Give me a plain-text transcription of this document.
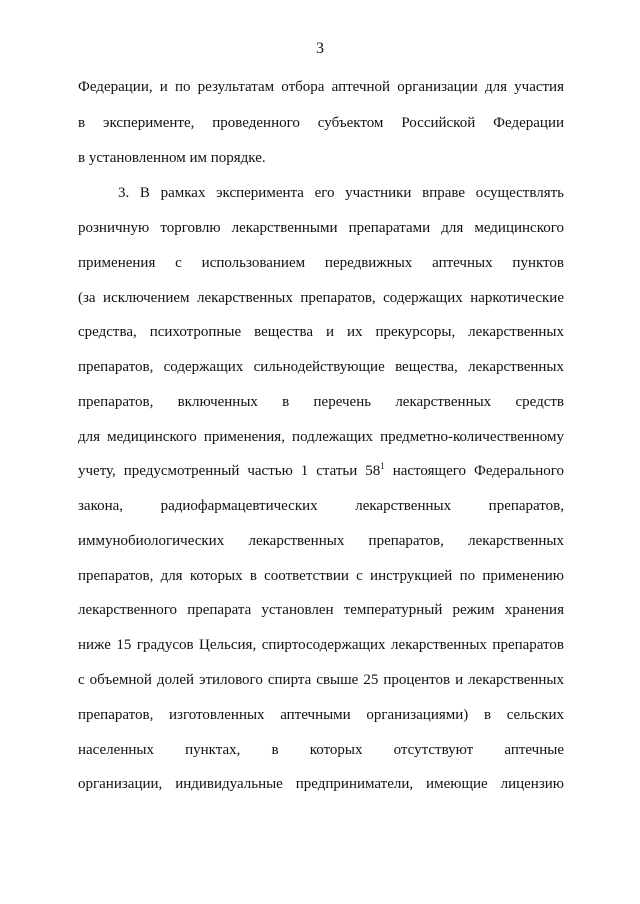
3
Федерации, и по результатам отбора аптечной организации для участия
в эксперименте, проведенного субъектом Российской Федерации
в установленном им порядке.
3. В рамках эксперимента его участники вправе осуществлять
розничную торговлю лекарственными препаратами для медицинского
применения с использованием передвижных аптечных пунктов
(за исключением лекарственных препаратов, содержащих наркотические
средства, психотропные вещества и их прекурсоры, лекарственных
препаратов, содержащих сильнодействующие вещества, лекарственных
препаратов, включенных в перечень лекарственных средств
для медицинского применения, подлежащих предметно-количественному
учету, предусмотренный частью 1 статьи $58^1$ настоящего Федерального
закона, радиофармацевтических лекарственных препаратов,
иммунобиологических лекарственных препаратов, лекарственных
препаратов, для которых в соответствии с инструкцией по применению
лекарственного препарата установлен температурный режим хранения
ниже 15 градусов Цельсия, спиртосодержащих лекарственных препаратов
с объемной долей этилового спирта свыше 25 процентов и лекарственных
препаратов, изготовленных аптечными организациями) в сельских
населенных пунктах, в которых отсутствуют аптечные
организации, индивидуальные предприниматели, имеющие лицензию
